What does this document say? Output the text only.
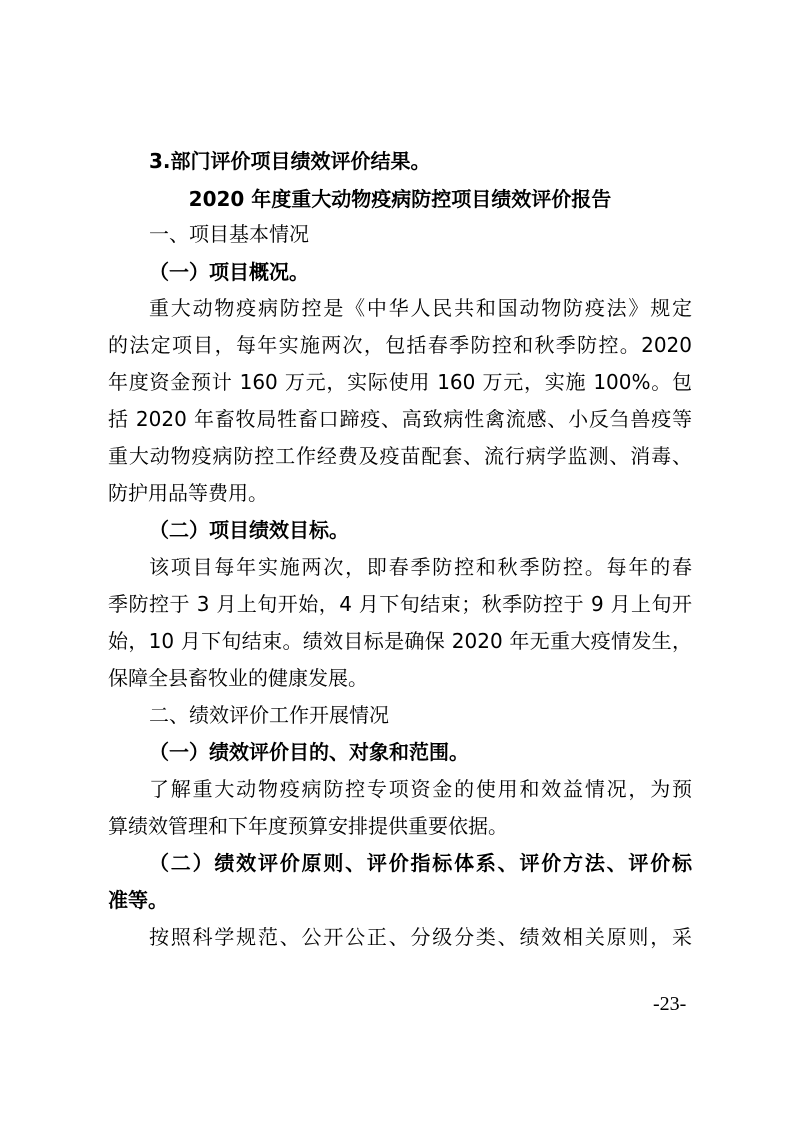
3.部门评价项目绩效评价结果。
2020 年度重大动物疫病防控项目绩效评价报告
一、项目基本情况
（一）项目概况。
重大动物疫病防控是《中华人民共和国动物防疫法》规定
的法定项目，每年实施两次，包括春季防控和秋季防控。2020
年度资金预计 160 万元，实际使用 160 万元，实施 100%。包
括 2020 年畜牧局牲畜口蹄疫、高致病性禽流感、小反刍兽疫等
重大动物疫病防控工作经费及疫苗配套、流行病学监测、消毒、
防护用品等费用。
（二）项目绩效目标。
该项目每年实施两次，即春季防控和秋季防控。每年的春
季防控于 3 月上旬开始，4 月下旬结束；秋季防控于 9 月上旬开
始，10 月下旬结束。绩效目标是确保 2020 年无重大疫情发生，
保障全县畜牧业的健康发展。
二、绩效评价工作开展情况
（一）绩效评价目的、对象和范围。
了解重大动物疫病防控专项资金的使用和效益情况，为预
算绩效管理和下年度预算安排提供重要依据。
（二）绩效评价原则、评价指标体系、评价方法、评价标
准等。
按照科学规范、公开公正、分级分类、绩效相关原则，采
-23-
